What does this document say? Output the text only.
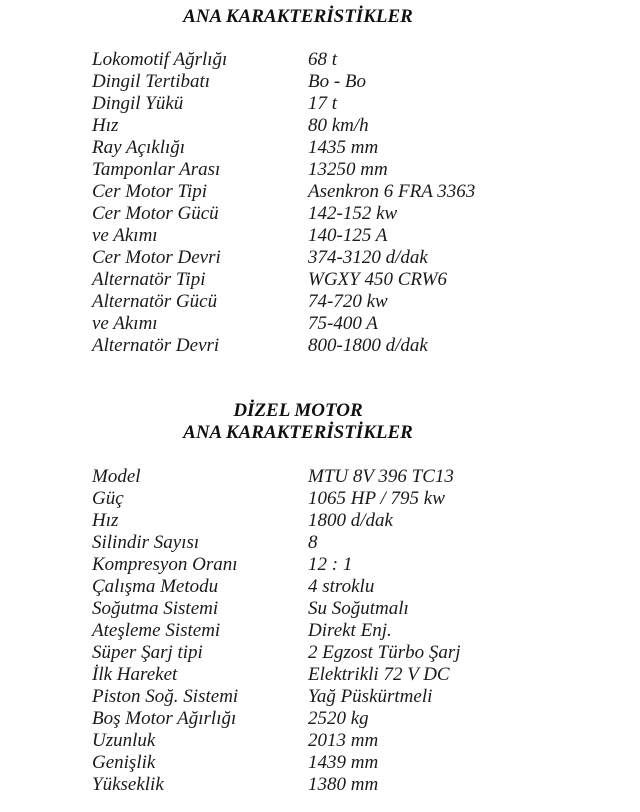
ANA KARAKTERİSTİKLER
Lokomotif Ağrlığı	68 t
Dingil Tertibatı	Bo - Bo
Dingil Yükü	17 t
Hız	80 km/h
Ray Açıklığı	1435 mm
Tamponlar Arası	13250 mm
Cer Motor Tipi	Asenkron 6 FRA 3363
Cer Motor Gücü	142-152 kw
ve Akımı	140-125 A
Cer Motor Devri	374-3120 d/dak
Alternatör Tipi	WGXY 450 CRW6
Alternatör Gücü	74-720 kw
ve Akımı	75-400 A
Alternatör Devri	800-1800 d/dak
DİZEL MOTOR
ANA KARAKTERİSTİKLER
Model	MTU 8V 396 TC13
Güç	1065 HP / 795 kw
Hız	1800 d/dak
Silindir Sayısı	8
Kompresyon Oranı	12 : 1
Çalışma Metodu	4 stroklu
Soğutma Sistemi	Su Soğutmalı
Ateşleme Sistemi	Direkt Enj.
Süper Şarj tipi	2 Egzost Türbo Şarj
İlk Hareket	Elektrikli 72 V DC
Piston Soğ. Sistemi	Yağ Püskürtmeli
Boş Motor Ağırlığı	2520 kg
Uzunluk	2013 mm
Genişlik	1439 mm
Yükseklik	1380 mm
